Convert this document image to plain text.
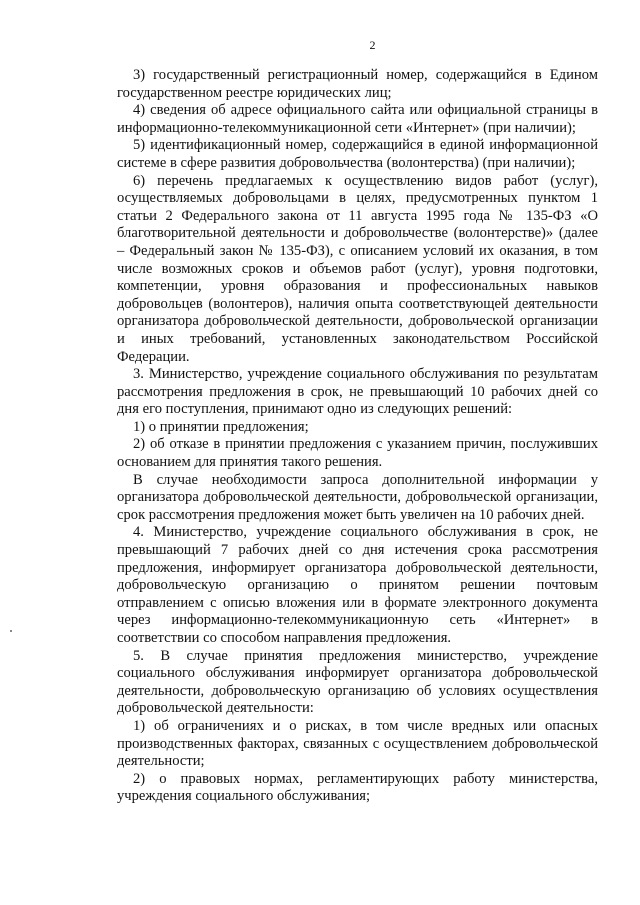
2

3) государственный регистрационный номер, содержащийся в Едином государственном реестре юридических лиц;

4) сведения об адресе официального сайта или официальной страницы в информационно-телекоммуникационной сети «Интернет» (при наличии);

5) идентификационный номер, содержащийся в единой информационной системе в сфере развития добровольчества (волонтерства) (при наличии);

6) перечень предлагаемых к осуществлению видов работ (услуг), осуществляемых добровольцами в целях, предусмотренных пунктом 1 статьи 2 Федерального закона от 11 августа 1995 года № 135-ФЗ «О благотворительной деятельности и добровольчестве (волонтерстве)» (далее – Федеральный закон № 135-ФЗ), с описанием условий их оказания, в том числе возможных сроков и объемов работ (услуг), уровня подготовки, компетенции, уровня образования и профессиональных навыков добровольцев (волонтеров), наличия опыта соответствующей деятельности организатора добровольческой деятельности, добровольческой организации и иных требований, установленных законодательством Российской Федерации.

3. Министерство, учреждение социального обслуживания по результатам рассмотрения предложения в срок, не превышающий 10 рабочих дней со дня его поступления, принимают одно из следующих решений:

1) о принятии предложения;

2) об отказе в принятии предложения с указанием причин, послуживших основанием для принятия такого решения.

В случае необходимости запроса дополнительной информации у организатора добровольческой деятельности, добровольческой организации, срок рассмотрения предложения может быть увеличен на 10 рабочих дней.

4. Министерство, учреждение социального обслуживания в срок, не превышающий 7 рабочих дней со дня истечения срока рассмотрения предложения, информирует организатора добровольческой деятельности, добровольческую организацию о принятом решении почтовым отправлением с описью вложения или в формате электронного документа через информационно-телекоммуникационную сеть «Интернет» в соответствии со способом направления предложения.

5. В случае принятия предложения министерство, учреждение социального обслуживания информирует организатора добровольческой деятельности, добровольческую организацию об условиях осуществления добровольческой деятельности:

1) об ограничениях и о рисках, в том числе вредных или опасных производственных факторах, связанных с осуществлением добровольческой деятельности;

2) о правовых нормах, регламентирующих работу министерства, учреждения социального обслуживания;
